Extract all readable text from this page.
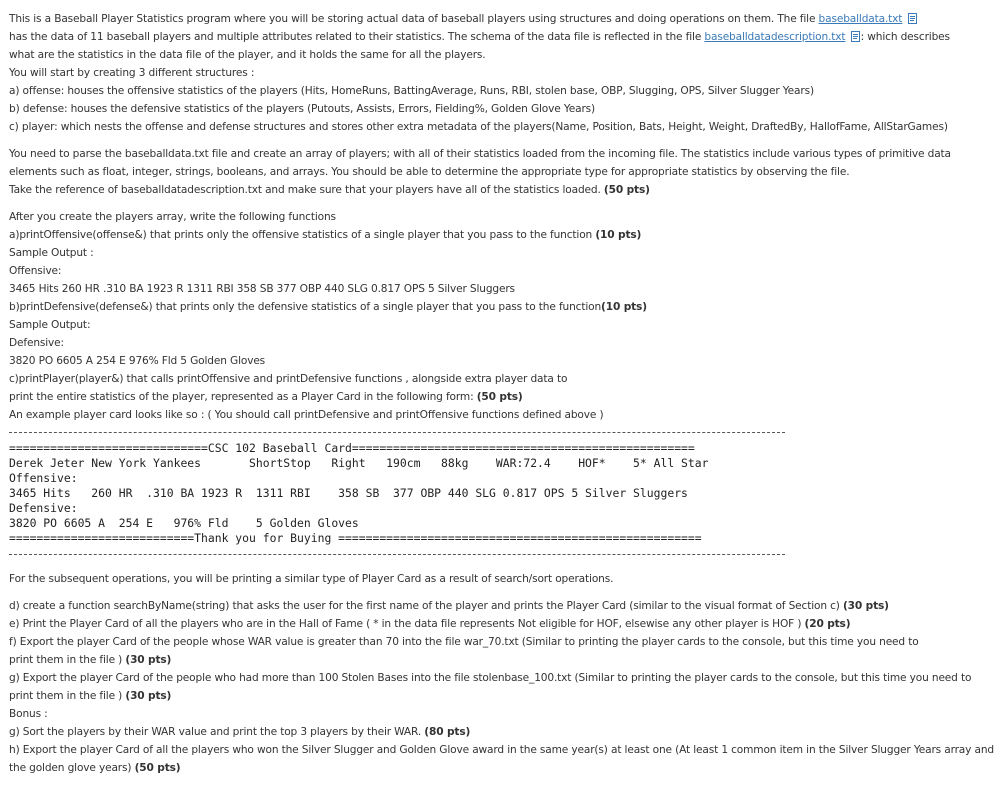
This is a Baseball Player Statistics program where you will be storing actual data of baseball players using structures and doing operations on them. The file baseballdata.txt
has the data of 11 baseball players and multiple attributes related to their statistics. The schema of the data file is reflected in the file baseballdatadescription.txt : which describes
what are the statistics in the data file of the player, and it holds the same for all the players.
You will start by creating 3 different structures :
a) offense: houses the offensive statistics of the players (Hits, HomeRuns, BattingAverage, Runs, RBI, stolen base, OBP, Slugging, OPS, Silver Slugger Years)
b) defense: houses the defensive statistics of the players (Putouts, Assists, Errors, Fielding%, Golden Glove Years)
c) player: which nests the offense and defense structures and stores other extra metadata of the players(Name, Position, Bats, Height, Weight, DraftedBy, HallofFame, AllStarGames)
You need to parse the baseballdata.txt file and create an array of players; with all of their statistics loaded from the incoming file. The statistics include various types of primitive data
elements such as float, integer, strings, booleans, and arrays. You should be able to determine the appropriate type for appropriate statistics by observing the file.
Take the reference of baseballdatadescription.txt and make sure that your players have all of the statistics loaded. (50 pts)
After you create the players array, write the following functions
a)printOffensive(offense&) that prints only the offensive statistics of a single player that you pass to the function (10 pts)
Sample Output :
Offensive:
3465 Hits 260 HR .310 BA 1923 R 1311 RBI 358 SB 377 OBP 440 SLG 0.817 OPS 5 Silver Sluggers
b)printDefensive(defense&) that prints only the defensive statistics of a single player that you pass to the function(10 pts)
Sample Output:
Defensive:
3820 PO 6605 A 254 E 976% Fld 5 Golden Gloves
c)printPlayer(player&) that calls printOffensive and printDefensive functions , alongside extra player data to
print the entire statistics of the player, represented as a Player Card in the following form: (50 pts)
An example player card looks like so : ( You should call printDefensive and printOffensive functions defined above )
=============================CSC 102 Baseball Card==================================================
Derek Jeter New York Yankees       ShortStop   Right   190cm   88kg    WAR:72.4    HOF*    5* All Star
Offensive:
3465 Hits   260 HR  .310 BA 1923 R  1311 RBI    358 SB  377 OBP 440 SLG 0.817 OPS 5 Silver Sluggers
Defensive:
3820 PO 6605 A  254 E   976% Fld    5 Golden Gloves
===========================Thank you for Buying =====================================================
For the subsequent operations, you will be printing a similar type of Player Card as a result of search/sort operations.
d) create a function searchByName(string) that asks the user for the first name of the player and prints the Player Card (similar to the visual format of Section c) (30 pts)
e) Print the Player Card of all the players who are in the Hall of Fame ( * in the data file represents Not eligible for HOF, elsewise any other player is HOF ) (20 pts)
f) Export the player Card of the people whose WAR value is greater than 70 into the file war_70.txt (Similar to printing the player cards to the console, but this time you need to
print them in the file ) (30 pts)
g) Export the player Card of the people who had more than 100 Stolen Bases into the file stolenbase_100.txt (Similar to printing the player cards to the console, but this time you need to
print them in the file ) (30 pts)
Bonus :
g) Sort the players by their WAR value and print the top 3 players by their WAR. (80 pts)
h) Export the player Card of all the players who won the Silver Slugger and Golden Glove award in the same year(s) at least one (At least 1 common item in the Silver Slugger Years array and
the golden glove years) (50 pts)
